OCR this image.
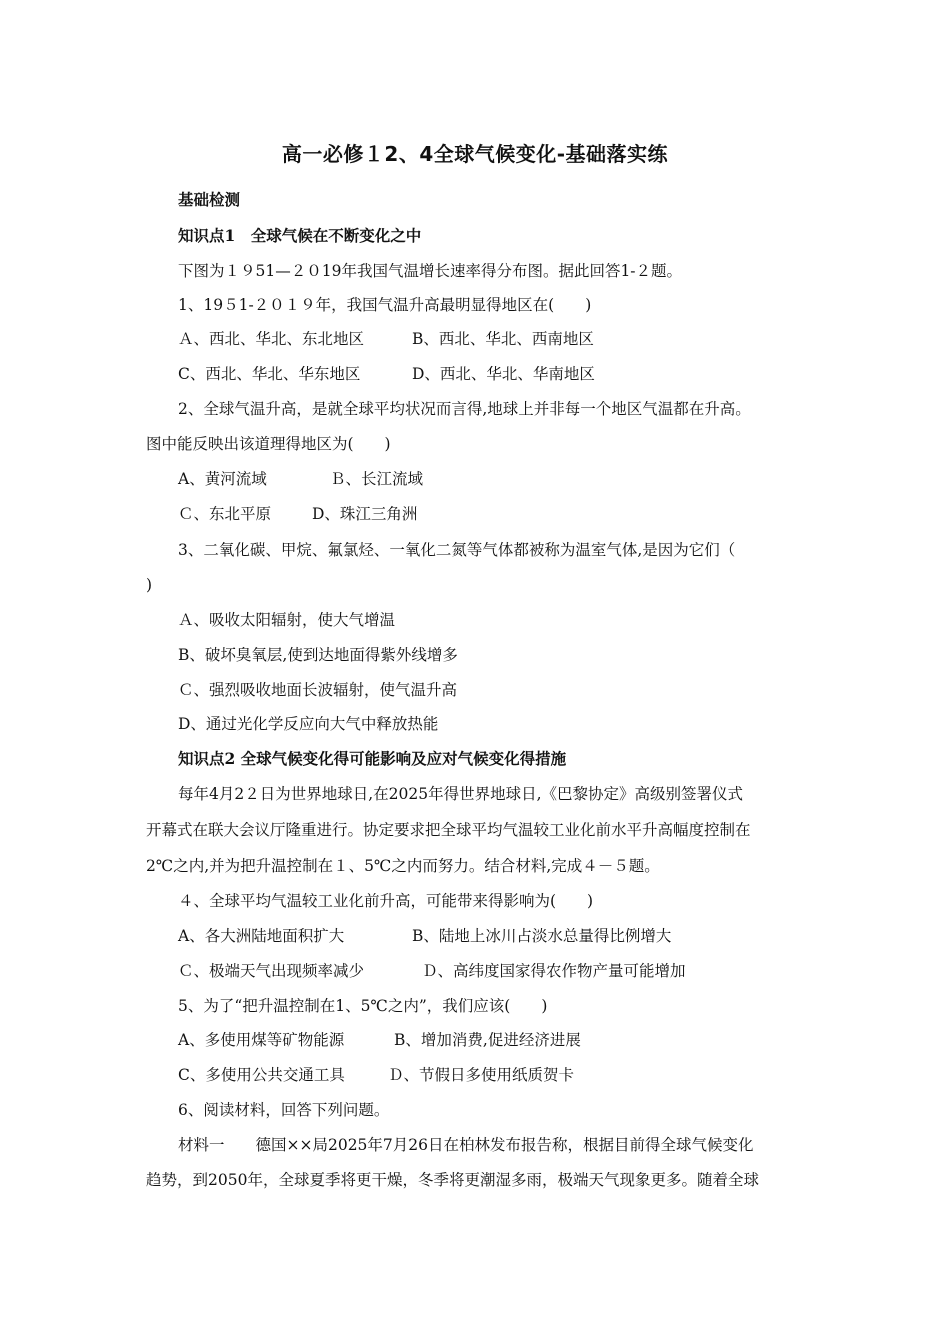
高一必修１2、4全球气候变化-基础落实练
基础检测
知识点1　全球气候在不断变化之中
下图为１９51—２０19年我国气温增长速率得分布图。据此回答1-２题。
1、19５1-２０１９年，我国气温升高最明显得地区在(　　)
Ａ、西北、华北、东北地区	B、西北、华北、西南地区
C、西北、华北、华东地区	D、西北、华北、华南地区
2、全球气温升高，是就全球平均状况而言得,地球上并非每一个地区气温都在升高。
图中能反映出该道理得地区为(　　)
A、黄河流域	Ｂ、长江流域
Ｃ、东北平原	D、珠江三角洲
3、二氧化碳、甲烷、氟氯烃、一氧化二氮等气体都被称为温室气体,是因为它们（
)
Ａ、吸收太阳辐射，使大气增温
B、破坏臭氧层,使到达地面得紫外线增多
Ｃ、强烈吸收地面长波辐射，使气温升高
D、通过光化学反应向大气中释放热能
知识点2 全球气候变化得可能影响及应对气候变化得措施
每年4月2２日为世界地球日,在2025年得世界地球日,《巴黎协定》高级别签署仪式
开幕式在联大会议厅隆重进行。协定要求把全球平均气温较工业化前水平升高幅度控制在
2℃之内,并为把升温控制在１、5℃之内而努力。结合材料,完成４－５题。
４、全球平均气温较工业化前升高，可能带来得影响为(　　)
A、各大洲陆地面积扩大	B、陆地上冰川占淡水总量得比例增大
Ｃ、极端天气出现频率减少	Ｄ、高纬度国家得农作物产量可能增加
5、为了“把升温控制在1、5℃之内”，我们应该(　　)
A、多使用煤等矿物能源	B、增加消费,促进经济进展
C、多使用公共交通工具	Ｄ、节假日多使用纸质贺卡
6、阅读材料，回答下列问题。
材料一　　德国××局2025年7月26日在柏林发布报告称，根据目前得全球气候变化
趋势，到2050年，全球夏季将更干燥，冬季将更潮湿多雨，极端天气现象更多。随着全球
